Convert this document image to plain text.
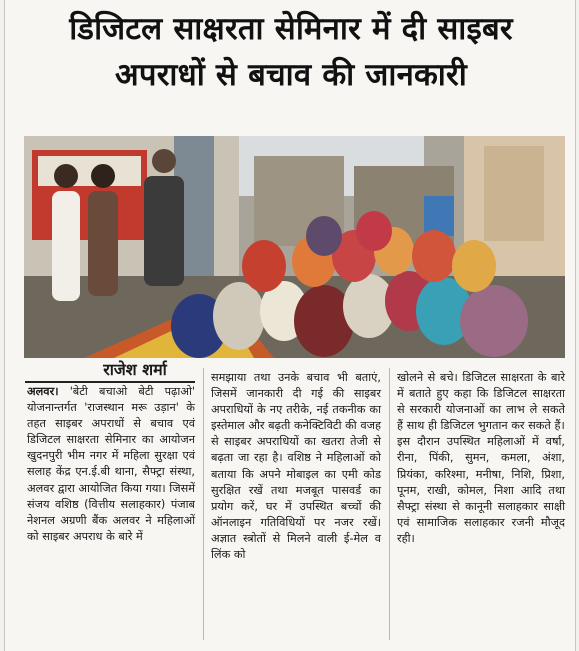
डिजिटल साक्षरता सेमिनार में दी साइबर
अपराधों से बचाव की जानकारी
राजेश शर्मा

अलवर। 'बेटी बचाओ बेटी पढ़ाओ' योजनान्तर्गत 'राजस्थान मरू उड़ान' के तहत साइबर अपराधों से बचाव एवं डिजिटल साक्षरता सेमिनार का आयोजन खुदनपुरी भीम नगर में महिला सुरक्षा एवं सलाह केंद्र एन.ई.बी थाना, सैफ्ट्रा संस्था, अलवर द्वारा आयोजित किया गया। जिसमें संजय वशिष्ठ (वित्तीय सलाहकार) पंजाब नेशनल अग्रणी बैंक अलवर ने महिलाओं को साइबर अपराध के बारे में

समझाया तथा उनके बचाव भी बताएं, जिसमें जानकारी दी गई की साइबर अपराधियों के नए तरीके, नई तकनीक का इस्तेमाल और बढ़ती कनेक्टिविटी की वजह से साइबर अपराधियों का खतरा तेजी से बढ़ता जा रहा है। वशिष्ठ ने महिलाओं को बताया कि अपने मोबाइल का एमी कोड सुरक्षित रखें तथा मजबूत पासवर्ड का प्रयोग करें, घर में उपस्थित बच्चों की ऑनलाइन गतिविधियों पर नजर रखें। अज्ञात स्त्रोतों से मिलने वाली ई-मेल व लिंक को

खोलने से बचे। डिजिटल साक्षरता के बारे में बताते हुए कहा कि डिजिटल साक्षरता से सरकारी योजनाओं का लाभ ले सकते हैं साथ ही डिजिटल भुगतान कर सकते हैं।

इस दौरान उपस्थित महिलाओं में वर्षा, रीना, पिंकी, सुमन, कमला, अंशा, प्रियंका, करिश्मा, मनीषा, निशि, प्रिशा, पूनम, राखी, कोमल, निशा आदि तथा सैफ्ट्रा संस्था से कानूनी सलाहकार साक्षी एवं सामाजिक सलाहकार रजनी मौजूद रही।
